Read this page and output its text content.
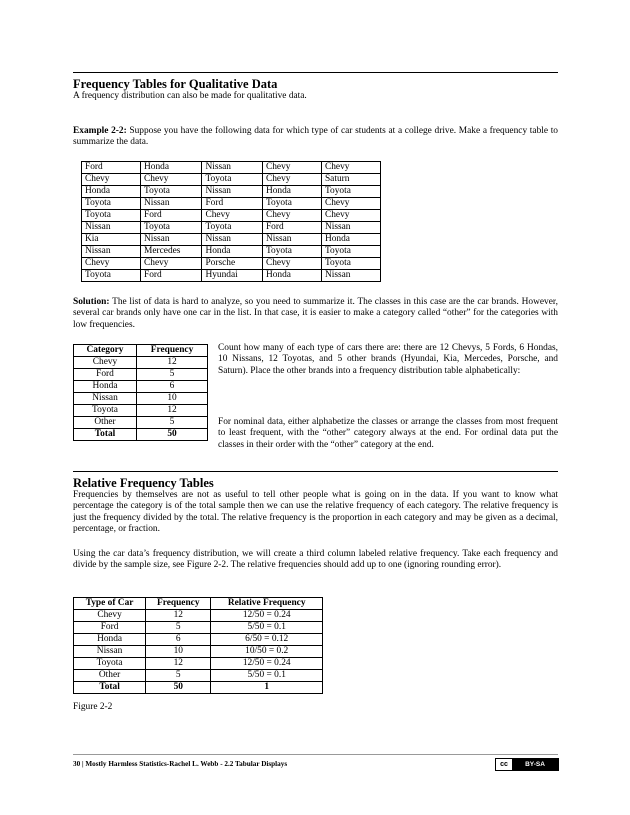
Frequency Tables for Qualitative Data

A frequency distribution can also be made for qualitative data.

Example 2-2: Suppose you have the following data for which type of car students at a college drive. Make a frequency table to summarize the data.

Ford	Honda	Nissan	Chevy	Chevy
Chevy	Chevy	Toyota	Chevy	Saturn
Honda	Toyota	Nissan	Honda	Toyota
Toyota	Nissan	Ford	Toyota	Chevy
Toyota	Ford	Chevy	Chevy	Chevy
Nissan	Toyota	Toyota	Ford	Nissan
Kia	Nissan	Nissan	Nissan	Honda
Nissan	Mercedes	Honda	Toyota	Toyota
Chevy	Chevy	Porsche	Chevy	Toyota
Toyota	Ford	Hyundai	Honda	Nissan

Solution: The list of data is hard to analyze, so you need to summarize it. The classes in this case are the car brands. However, several car brands only have one car in the list. In that case, it is easier to make a category called “other” for the categories with low frequencies.

Category	Frequency
Chevy	12
Ford	5
Honda	6
Nissan	10
Toyota	12
Other	5
Total	50

Count how many of each type of cars there are: there are 12 Chevys, 5 Fords, 6 Hondas, 10 Nissans, 12 Toyotas, and 5 other brands (Hyundai, Kia, Mercedes, Porsche, and Saturn). Place the other brands into a frequency distribution table alphabetically:

For nominal data, either alphabetize the classes or arrange the classes from most frequent to least frequent, with the “other” category always at the end. For ordinal data put the classes in their order with the “other” category at the end.

Relative Frequency Tables

Frequencies by themselves are not as useful to tell other people what is going on in the data. If you want to know what percentage the category is of the total sample then we can use the relative frequency of each category. The relative frequency is just the frequency divided by the total. The relative frequency is the proportion in each category and may be given as a decimal, percentage, or fraction.

Using the car data’s frequency distribution, we will create a third column labeled relative frequency. Take each frequency and divide by the sample size, see Figure 2-2. The relative frequencies should add up to one (ignoring rounding error).

Type of Car	Frequency	Relative Frequency
Chevy	12	12/50 = 0.24
Ford	5	5/50 = 0.1
Honda	6	6/50 = 0.12
Nissan	10	10/50 = 0.2
Toyota	12	12/50 = 0.24
Other	5	5/50 = 0.1
Total	50	1
Figure 2-2
30 | Mostly Harmless Statistics-Rachel L. Webb - 2.2 Tabular Displays	cc	BY-SA
